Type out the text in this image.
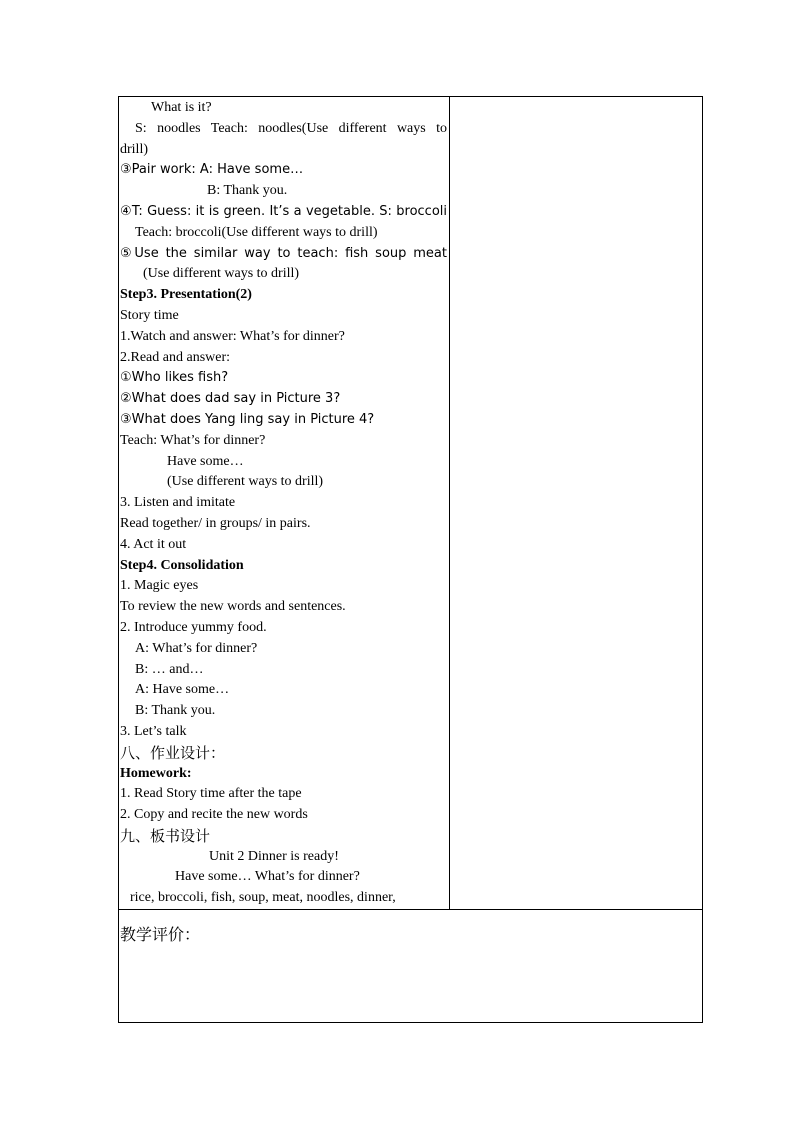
What is it?
S: noodles Teach: noodles(Use different ways to
drill)
③Pair work: A: Have some…
B: Thank you.
④T: Guess: it is green. It’s a vegetable. S: broccoli
Teach: broccoli(Use different ways to drill)
⑤Use the similar way to teach: fish soup meat
(Use different ways to drill)
Step3. Presentation(2)
Story time
1.Watch and answer: What’s for dinner?
2.Read and answer:
①Who likes fish?
②What does dad say in Picture 3?
③What does Yang ling say in Picture 4?
Teach: What’s for dinner?
Have some…
(Use different ways to drill)
3. Listen and imitate
Read together/ in groups/ in pairs.
4. Act it out
Step4. Consolidation
1. Magic eyes
To review the new words and sentences.
2. Introduce yummy food.
A: What’s for dinner?
B: … and…
A: Have some…
B: Thank you.
3. Let’s talk
八、作业设计：
Homework:
1. Read Story time after the tape
2. Copy and recite the new words
九、板书设计
Unit 2 Dinner is ready!
Have some… What’s for dinner?
rice, broccoli, fish, soup, meat, noodles, dinner,

教学评价：
